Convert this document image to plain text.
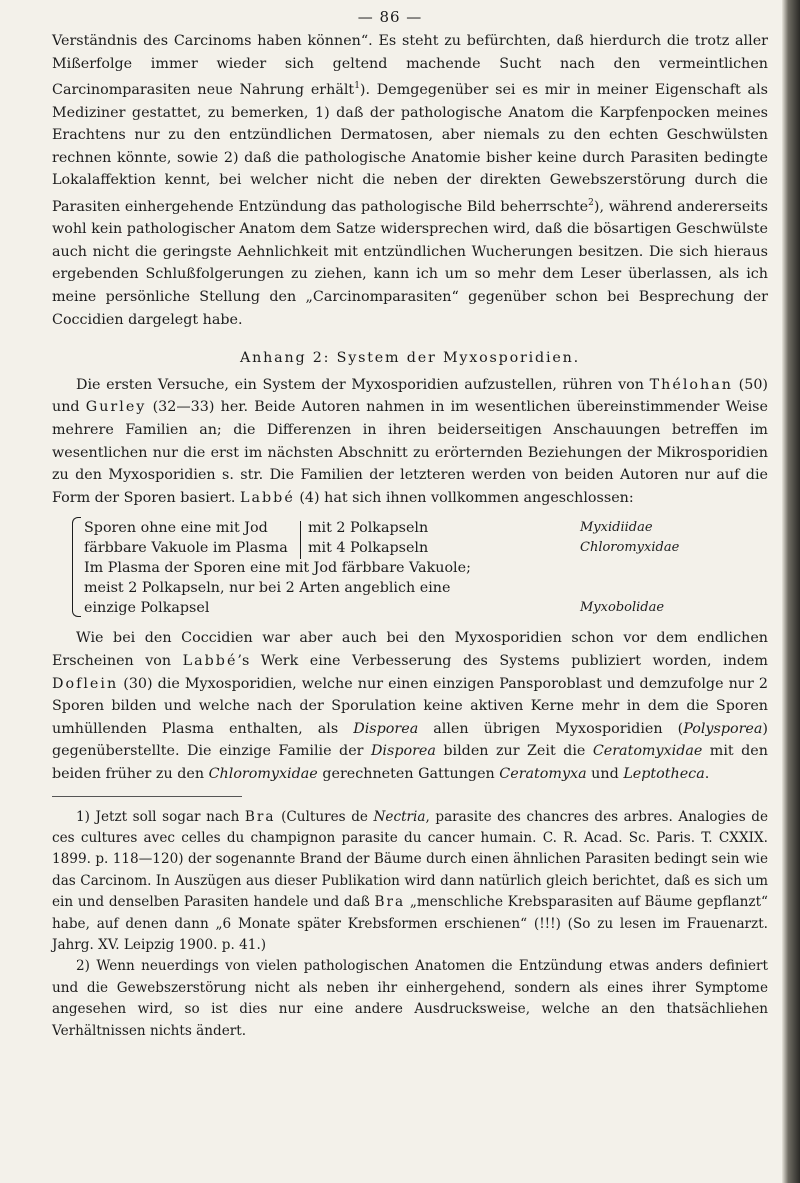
— 86 —

Verständnis des Carcinoms haben können“. Es steht zu befürchten, daß hierdurch die trotz aller Mißerfolge immer wieder sich geltend machende Sucht nach den vermeintlichen Carcinomparasiten neue Nahrung erhält$^1$). Demgegenüber sei es mir in meiner Eigenschaft als Mediziner gestattet, zu bemerken, 1) daß der pathologische Anatom die Karpfenpocken meines Erachtens nur zu den entzündlichen Dermatosen, aber niemals zu den echten Geschwülsten rechnen könnte, sowie 2) daß die pathologische Anatomie bisher keine durch Parasiten bedingte Lokalaffektion kennt, bei welcher nicht die neben der direkten Gewebszerstörung durch die Parasiten einhergehende Entzündung das pathologische Bild beherrschte$^2$), während andererseits wohl kein pathologischer Anatom dem Satze widersprechen wird, daß die bösartigen Geschwülste auch nicht die geringste Aehnlichkeit mit entzündlichen Wucherungen besitzen. Die sich hieraus ergebenden Schlußfolgerungen zu ziehen, kann ich um so mehr dem Leser überlassen, als ich meine persönliche Stellung den „Carcinomparasiten“ gegenüber schon bei Besprechung der Coccidien dargelegt habe.

Anhang 2: System der Myxosporidien.

Die ersten Versuche, ein System der Myxosporidien aufzustellen, rühren von Thélohan (50) und Gurley (32—33) her. Beide Autoren nahmen in im wesentlichen übereinstimmender Weise mehrere Familien an; die Differenzen in ihren beiderseitigen Anschauungen betreffen im wesentlichen nur die erst im nächsten Abschnitt zu erörternden Beziehungen der Mikrosporidien zu den Myxosporidien s. str. Die Familien der letzteren werden von beiden Autoren nur auf die Form der Sporen basiert. Labbé (4) hat sich ihnen vollkommen angeschlossen:

Sporen ohne eine mit Jod
färbbare Vakuole im Plasma
mit 2 Polkapseln
mit 4 Polkapseln
Im Plasma der Sporen eine mit Jod färbbare Vakuole;
meist 2 Polkapseln, nur bei 2 Arten angeblich eine
einzige Polkapsel
Myxidiidae
Chloromyxidae
Myxobolidae

Wie bei den Coccidien war aber auch bei den Myxosporidien schon vor dem endlichen Erscheinen von Labbé’s Werk eine Verbesserung des Systems publiziert worden, indem Doflein (30) die Myxosporidien, welche nur einen einzigen Pansporoblast und demzufolge nur 2 Sporen bilden und welche nach der Sporulation keine aktiven Kerne mehr in dem die Sporen umhüllenden Plasma enthalten, als Disporea allen übrigen Myxosporidien (Polysporea) gegenüberstellte. Die einzige Familie der Disporea bilden zur Zeit die Ceratomyxidae mit den beiden früher zu den Chloromyxidae gerechneten Gattungen Ceratomyxa und Leptotheca.

1) Jetzt soll sogar nach Bra (Cultures de Nectria, parasite des chancres des arbres. Analogies de ces cultures avec celles du champignon parasite du cancer humain. C. R. Acad. Sc. Paris. T. CXXIX. 1899. p. 118—120) der sogenannte Brand der Bäume durch einen ähnlichen Parasiten bedingt sein wie das Carcinom. In Auszügen aus dieser Publikation wird dann natürlich gleich berichtet, daß es sich um ein und denselben Parasiten handele und daß Bra „menschliche Krebsparasiten auf Bäume gepflanzt“ habe, auf denen dann „6 Monate später Krebsformen erschienen“ (!!!) (So zu lesen im Frauenarzt. Jahrg. XV. Leipzig 1900. p. 41.)

2) Wenn neuerdings von vielen pathologischen Anatomen die Entzündung etwas anders definiert und die Gewebszerstörung nicht als neben ihr einhergehend, sondern als eines ihrer Symptome angesehen wird, so ist dies nur eine andere Ausdrucksweise, welche an den thatsächliehen Verhältnissen nichts ändert.
